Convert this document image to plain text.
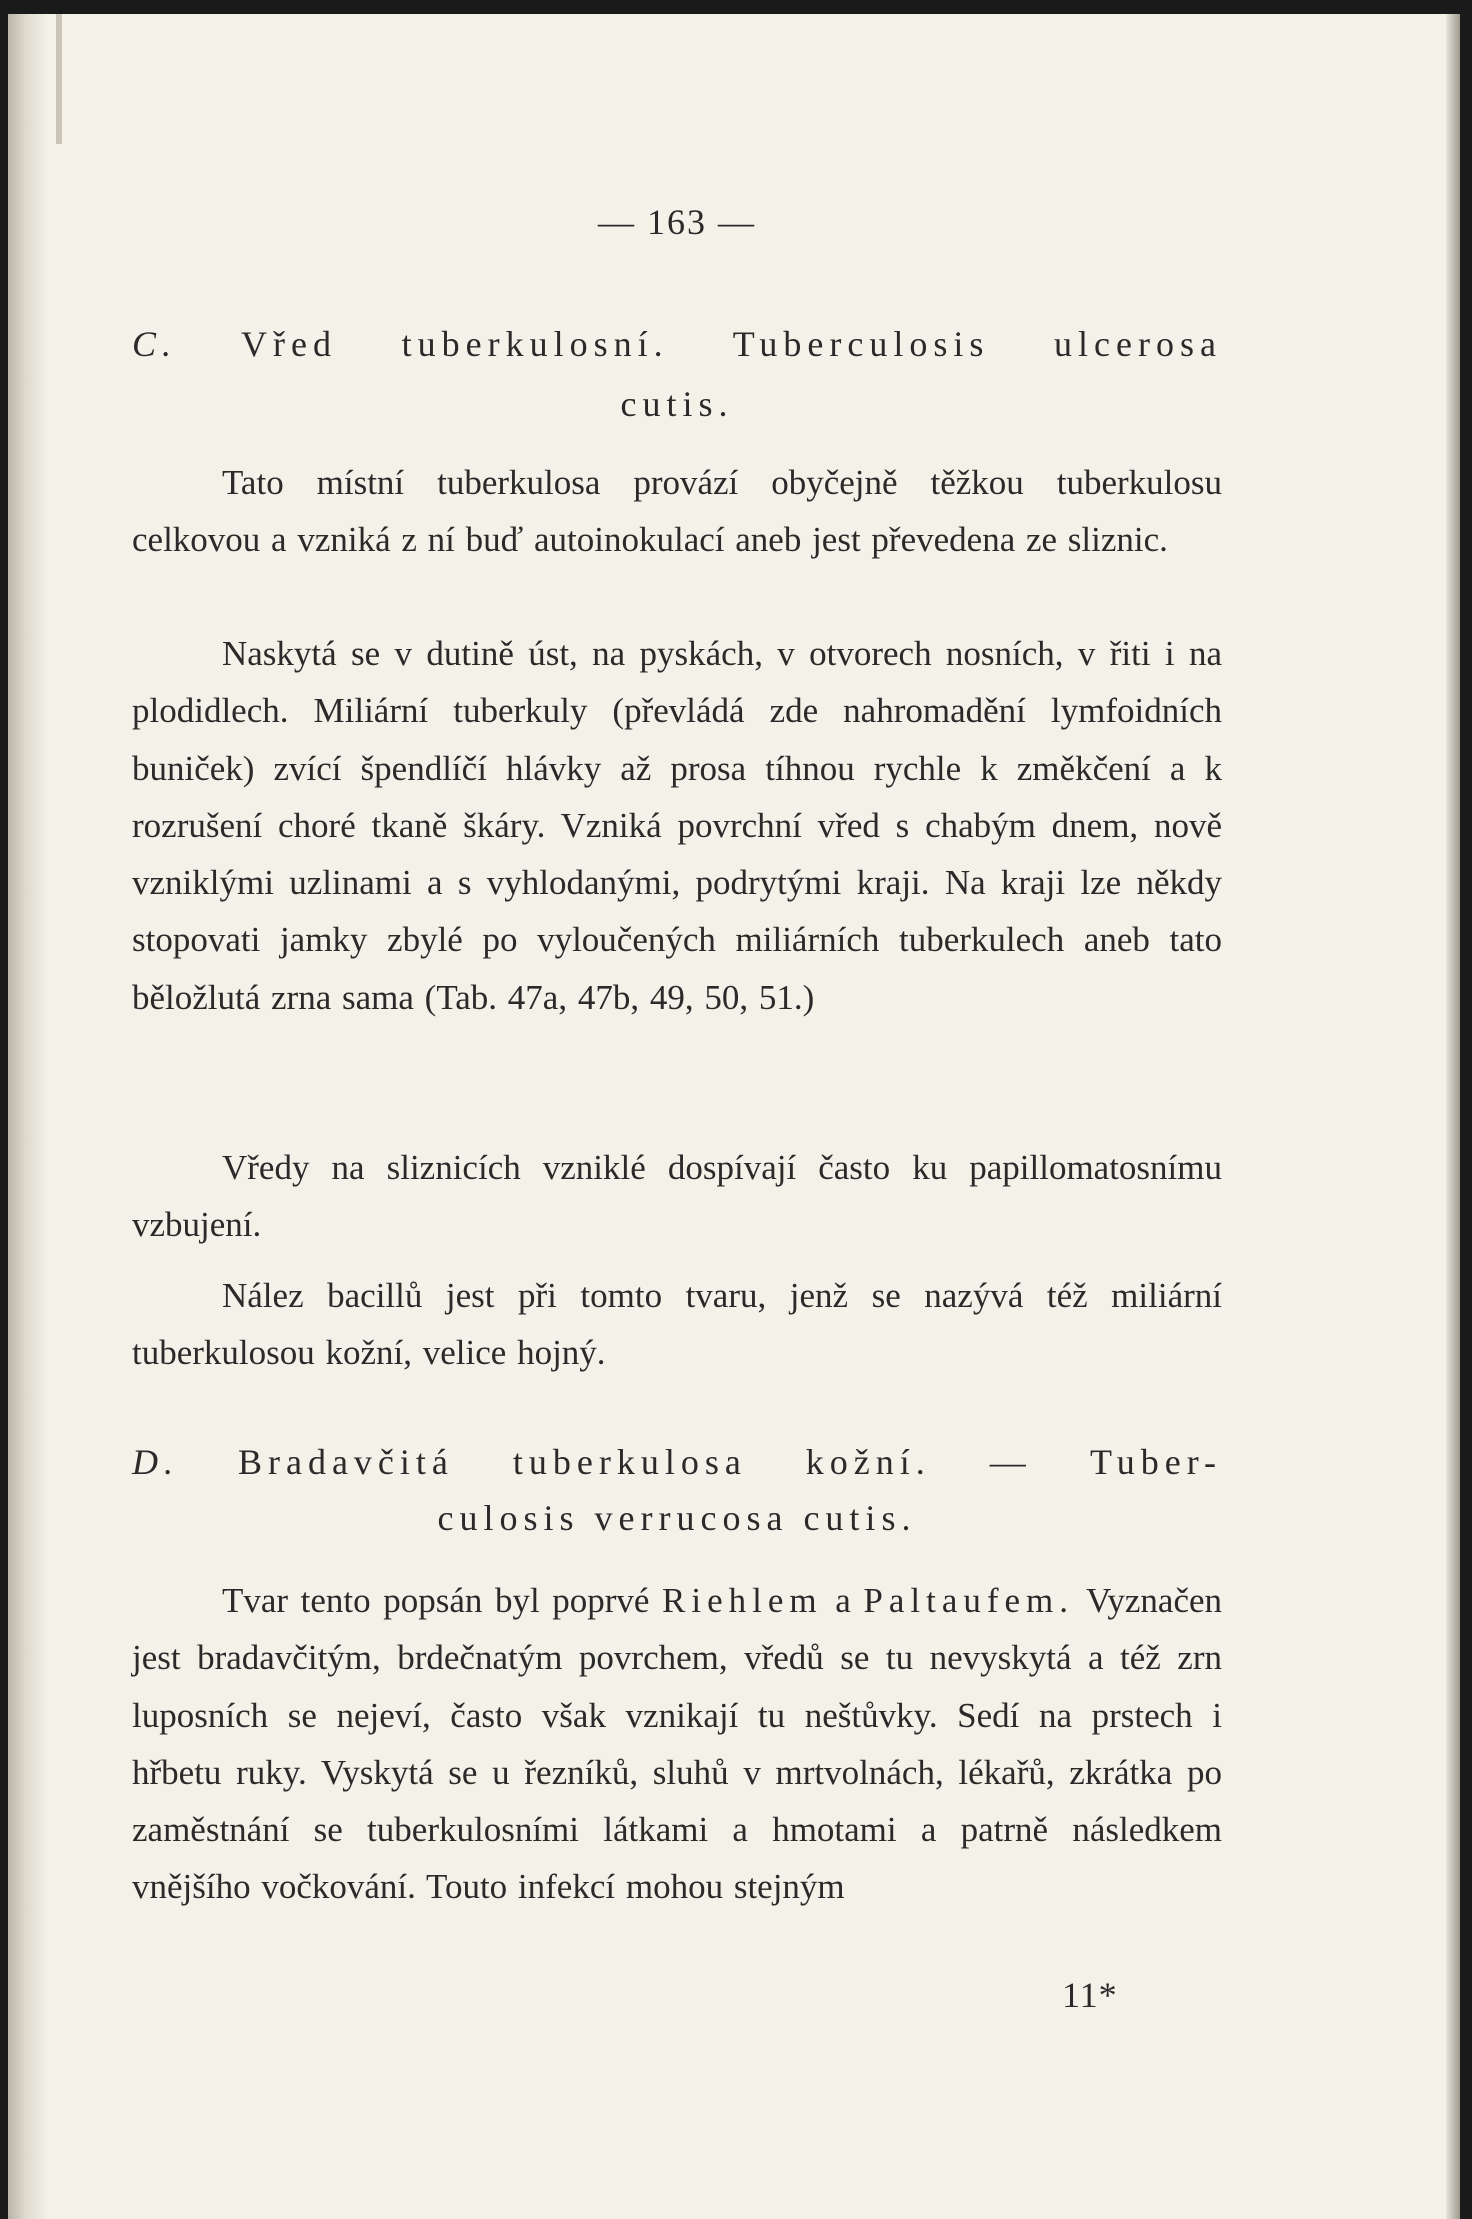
— 163 —
C. Vřed tuberkulosní. Tuberculosis ulcerosa
cutis.
Tato místní tuberkulosa provází obyčejně těžkou tuberkulosu celkovou a vzniká z ní buď autoinokulací aneb jest převedena ze sliznic.
Naskytá se v dutině úst, na pyskách, v otvorech nosních, v řiti i na plodidlech. Miliární tuberkuly (převládá zde nahromadění lymfoidních buniček) zvící špendlíčí hlávky až prosa tíhnou rychle k změkčení a k rozrušení choré tkaně škáry. Vzniká povrchní vřed s chabým dnem, nově vzniklými uzlinami a s vyhlodanými, podrytými kraji. Na kraji lze někdy stopovati jamky zbylé po vyloučených miliárních tuberkulech aneb tato běložlutá zrna sama (Tab. 47a, 47b, 49, 50, 51.)
Vředy na sliznicích vzniklé dospívají často ku papillomatosnímu vzbujení.
Nález bacillů jest při tomto tvaru, jenž se nazývá též miliární tuberkulosou kožní, velice hojný.
D. Bradavčitá tuberkulosa kožní. — Tuber-
culosis verrucosa cutis.
Tvar tento popsán byl poprvé Riehlem a Paltaufem. Vyznačen jest bradavčitým, brdečnatým povrchem, vředů se tu nevyskytá a též zrn luposních se nejeví, často však vznikají tu neštůvky. Sedí na prstech i hřbetu ruky. Vyskytá se u řezníků, sluhů v mrtvolnách, lékařů, zkrátka po zaměstnání se tuberkulosními látkami a hmotami a patrně následkem vnějšího vočkování. Touto infekcí mohou stejným
11*
